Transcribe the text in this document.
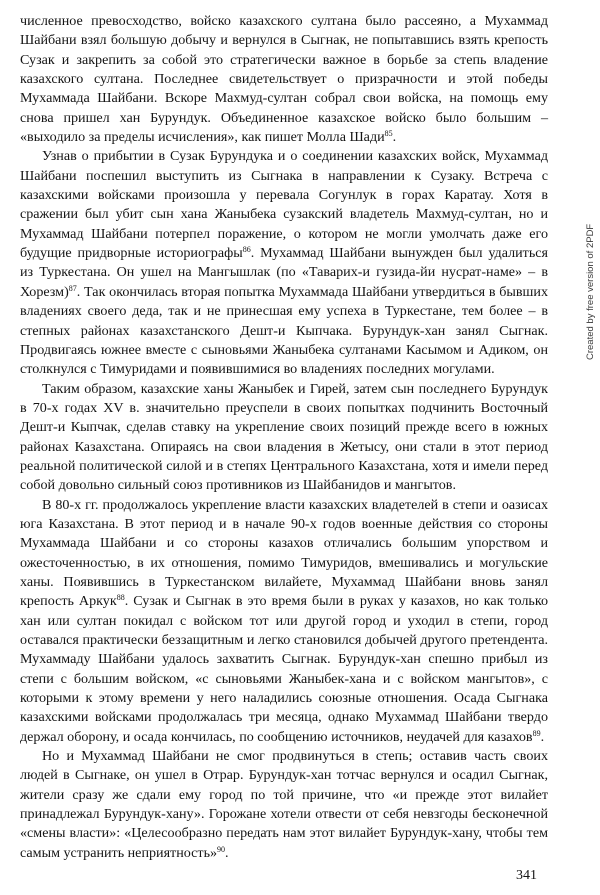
численное превосходство, войско казахского султана было рассеяно, а Мухаммад Шайбани взял большую добычу и вернулся в Сыгнак, не попытавшись взять крепость Сузак и закрепить за собой это стратегически важное в борьбе за степь владение казахского султана. Последнее свидетельствует о призрачности и этой победы Мухаммада Шайбани. Вскоре Махмуд-султан собрал свои войска, на помощь ему снова пришел хан Бурундук. Объединенное казахское войско было большим – «выходило за пределы исчисления», как пишет Молла Шади$^{85}$.

Узнав о прибытии в Сузак Бурундука и о соединении казахских войск, Мухаммад Шайбани поспешил выступить из Сыгнака в направлении к Сузаку. Встреча с казахскими войсками произошла у перевала Согунлук в горах Каратау. Хотя в сражении был убит сын хана Жаныбека сузакский владетель Махмуд-султан, но и Мухаммад Шайбани потерпел поражение, о котором не могли умолчать даже его будущие придворные историографы$^{86}$. Мухаммад Шайбани вынужден был удалиться из Туркестана. Он ушел на Мангышлак (по «Таварих-и гузида-йи нусрат-наме» – в Хорезм)$^{87}$. Так окончилась вторая попытка Мухаммада Шайбани утвердиться в бывших владениях своего деда, так и не принесшая ему успеха в Туркестане, тем более – в степных районах казахстанского Дешт-и Кыпчака. Бурундук-хан занял Сыгнак. Продвигаясь южнее вместе с сыновьями Жаныбека султанами Касымом и Адиком, он столкнулся с Тимуридами и появившимися во владениях последних могулами.

Таким образом, казахские ханы Жаныбек и Гирей, затем сын последнего Бурундук в 70-х годах XV в. значительно преуспели в своих попытках подчинить Восточный Дешт-и Кыпчак, сделав ставку на укрепление своих позиций прежде всего в южных районах Казахстана. Опираясь на свои владения в Жетысу, они стали в этот период реальной политической силой и в степях Центрального Казахстана, хотя и имели перед собой довольно сильный союз противников из Шайбанидов и мангытов.

В 80-х гг. продолжалось укрепление власти казахских владетелей в степи и оазисах юга Казахстана. В этот период и в начале 90-х годов военные действия со стороны Мухаммада Шайбани и со стороны казахов отличались большим упорством и ожесточенностью, в их отношения, помимо Тимуридов, вмешивались и могульские ханы. Появившись в Туркестанском вилайете, Мухаммад Шайбани вновь занял крепость Аркук$^{88}$. Сузак и Сыгнак в это время были в руках у казахов, но как только хан или султан покидал с войском тот или другой город и уходил в степи, город оставался практически беззащитным и легко становился добычей другого претендента. Мухаммаду Шайбани удалось захватить Сыгнак. Бурундук-хан спешно прибыл из степи с большим войском, «с сыновьями Жаныбек-хана и с войском мангытов», с которыми к этому времени у него наладились союзные отношения. Осада Сыгнака казахскими войсками продолжалась три месяца, однако Мухаммад Шайбани твердо держал оборону, и осада кончилась, по сообщению источников, неудачей для казахов$^{89}$.

Но и Мухаммад Шайбани не смог продвинуться в степь; оставив часть своих людей в Сыгнаке, он ушел в Отрар. Бурундук-хан тотчас вернулся и осадил Сыгнак, жители сразу же сдали ему город по той причине, что «и прежде этот вилайет принадлежал Бурундук-хану». Горожане хотели отвести от себя невзгоды бесконечной «смены власти»: «Целесообразно передать нам этот вилайет Бурундук-хану, чтобы тем самым устранить неприятность»$^{90}$.

Created by free version of 2PDF
341
